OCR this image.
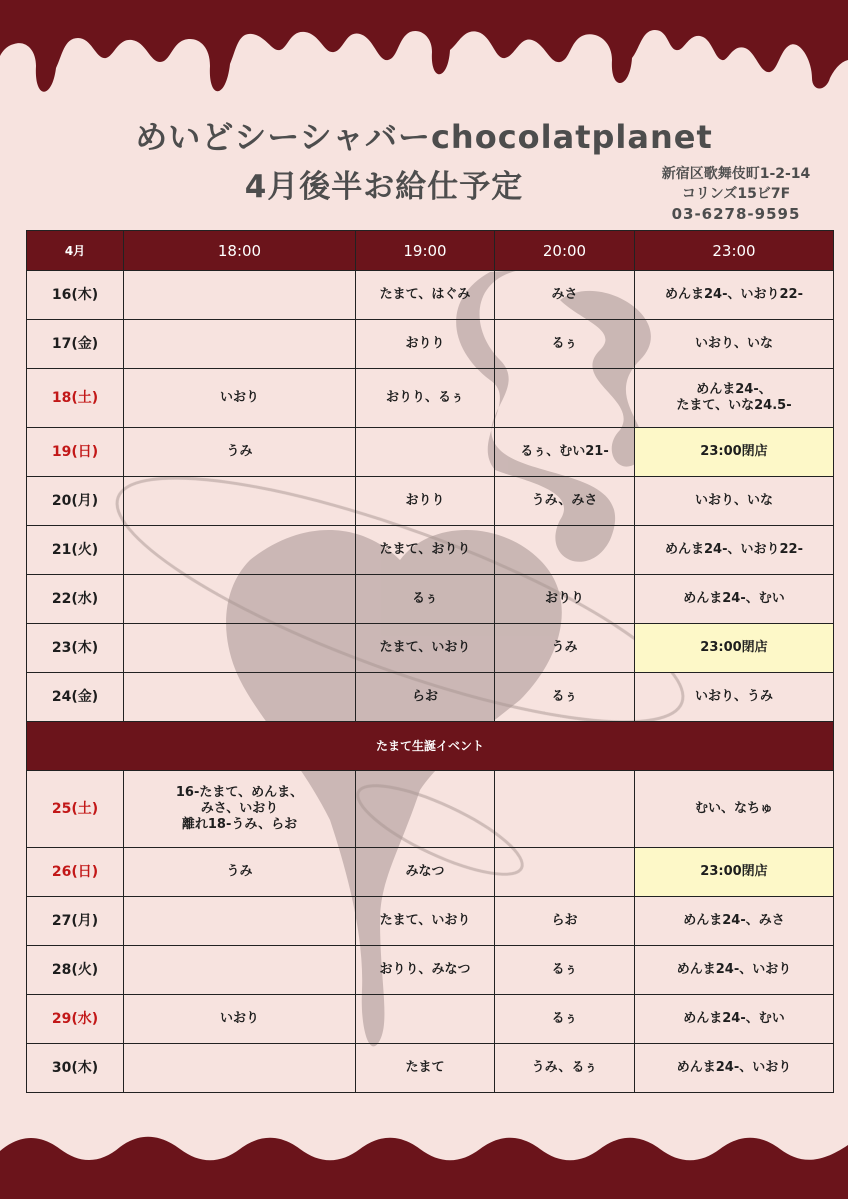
めいどシーシャバーchocolatplanet
4月後半お給仕予定	新宿区歌舞伎町1-2-14
コリンズ15ビ7F
03-6278-9595
4月	18:00	19:00	20:00	23:00
16(木)		たまて、はぐみ	みさ	めんま24-、いおり22-
17(金)		おりり	るぅ	いおり、いな
18(土)	いおり	おりり、るぅ		めんま24-、
たまて、いな24.5-
19(日)	うみ		るぅ、むい21-	23:00閉店
20(月)		おりり	うみ、みさ	いおり、いな
21(火)		たまて、おりり		めんま24-、いおり22-
22(水)		るぅ	おりり	めんま24-、むい
23(木)		たまて、いおり	うみ	23:00閉店
24(金)		らお	るぅ	いおり、うみ
たまて生誕イベント				
25(土)	16-たまて、めんま、
みさ、いおり
離れ18-うみ、らお			むい、なちゅ
26(日)	うみ	みなつ		23:00閉店
27(月)		たまて、いおり	らお	めんま24-、みさ
28(火)		おりり、みなつ	るぅ	めんま24-、いおり
29(水)	いおり		るぅ	めんま24-、むい
30(木)		たまて	うみ、るぅ	めんま24-、いおり
